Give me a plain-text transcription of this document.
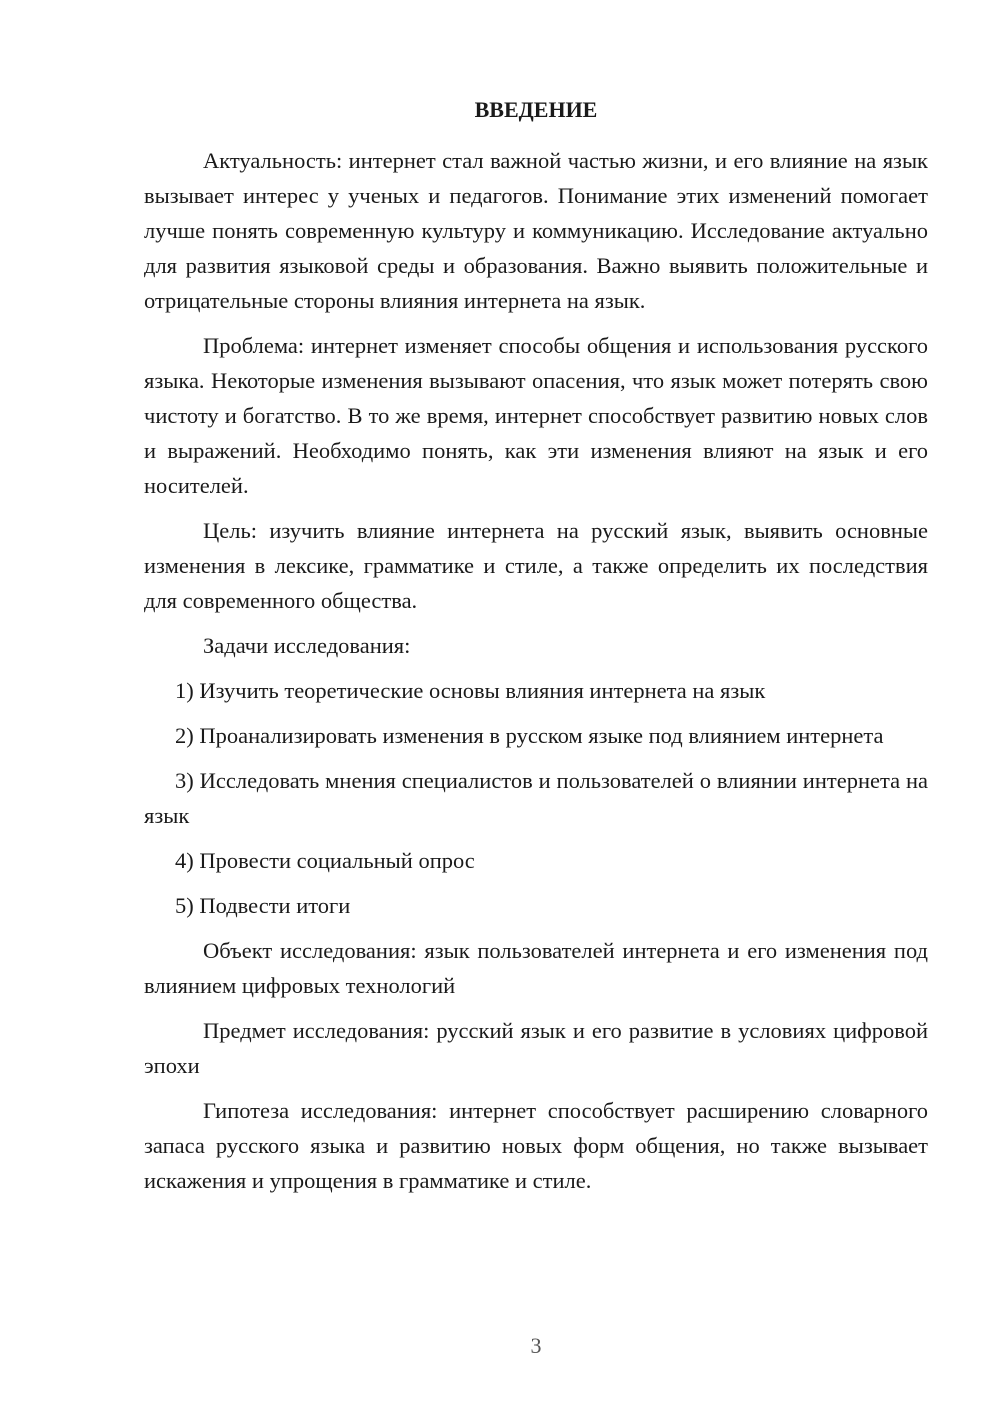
ВВЕДЕНИЕ

Актуальность: интернет стал важной частью жизни, и его влияние на язык вызывает интерес у ученых и педагогов. Понимание этих изменений помогает лучше понять современную культуру и коммуникацию. Исследование актуально для развития языковой среды и образования. Важно выявить положительные и отрицательные стороны влияния интернета на язык.

Проблема: интернет изменяет способы общения и использования русского языка. Некоторые изменения вызывают опасения, что язык может потерять свою чистоту и богатство. В то же время, интернет способствует развитию новых слов и выражений. Необходимо понять, как эти изменения влияют на язык и его носителей.

Цель: изучить влияние интернета на русский язык, выявить основные изменения в лексике, грамматике и стиле, а также определить их последствия для современного общества.

Задачи исследования:

1) Изучить теоретические основы влияния интернета на язык

2) Проанализировать изменения в русском языке под влиянием интернета

3) Исследовать мнения специалистов и пользователей о влиянии интернета на язык

4) Провести социальный опрос

5) Подвести итоги

Объект исследования: язык пользователей интернета и его изменения под влиянием цифровых технологий

Предмет исследования: русский язык и его развитие в условиях цифровой эпохи

Гипотеза исследования: интернет способствует расширению словарного запаса русского языка и развитию новых форм общения, но также вызывает искажения и упрощения в грамматике и стиле.

3
